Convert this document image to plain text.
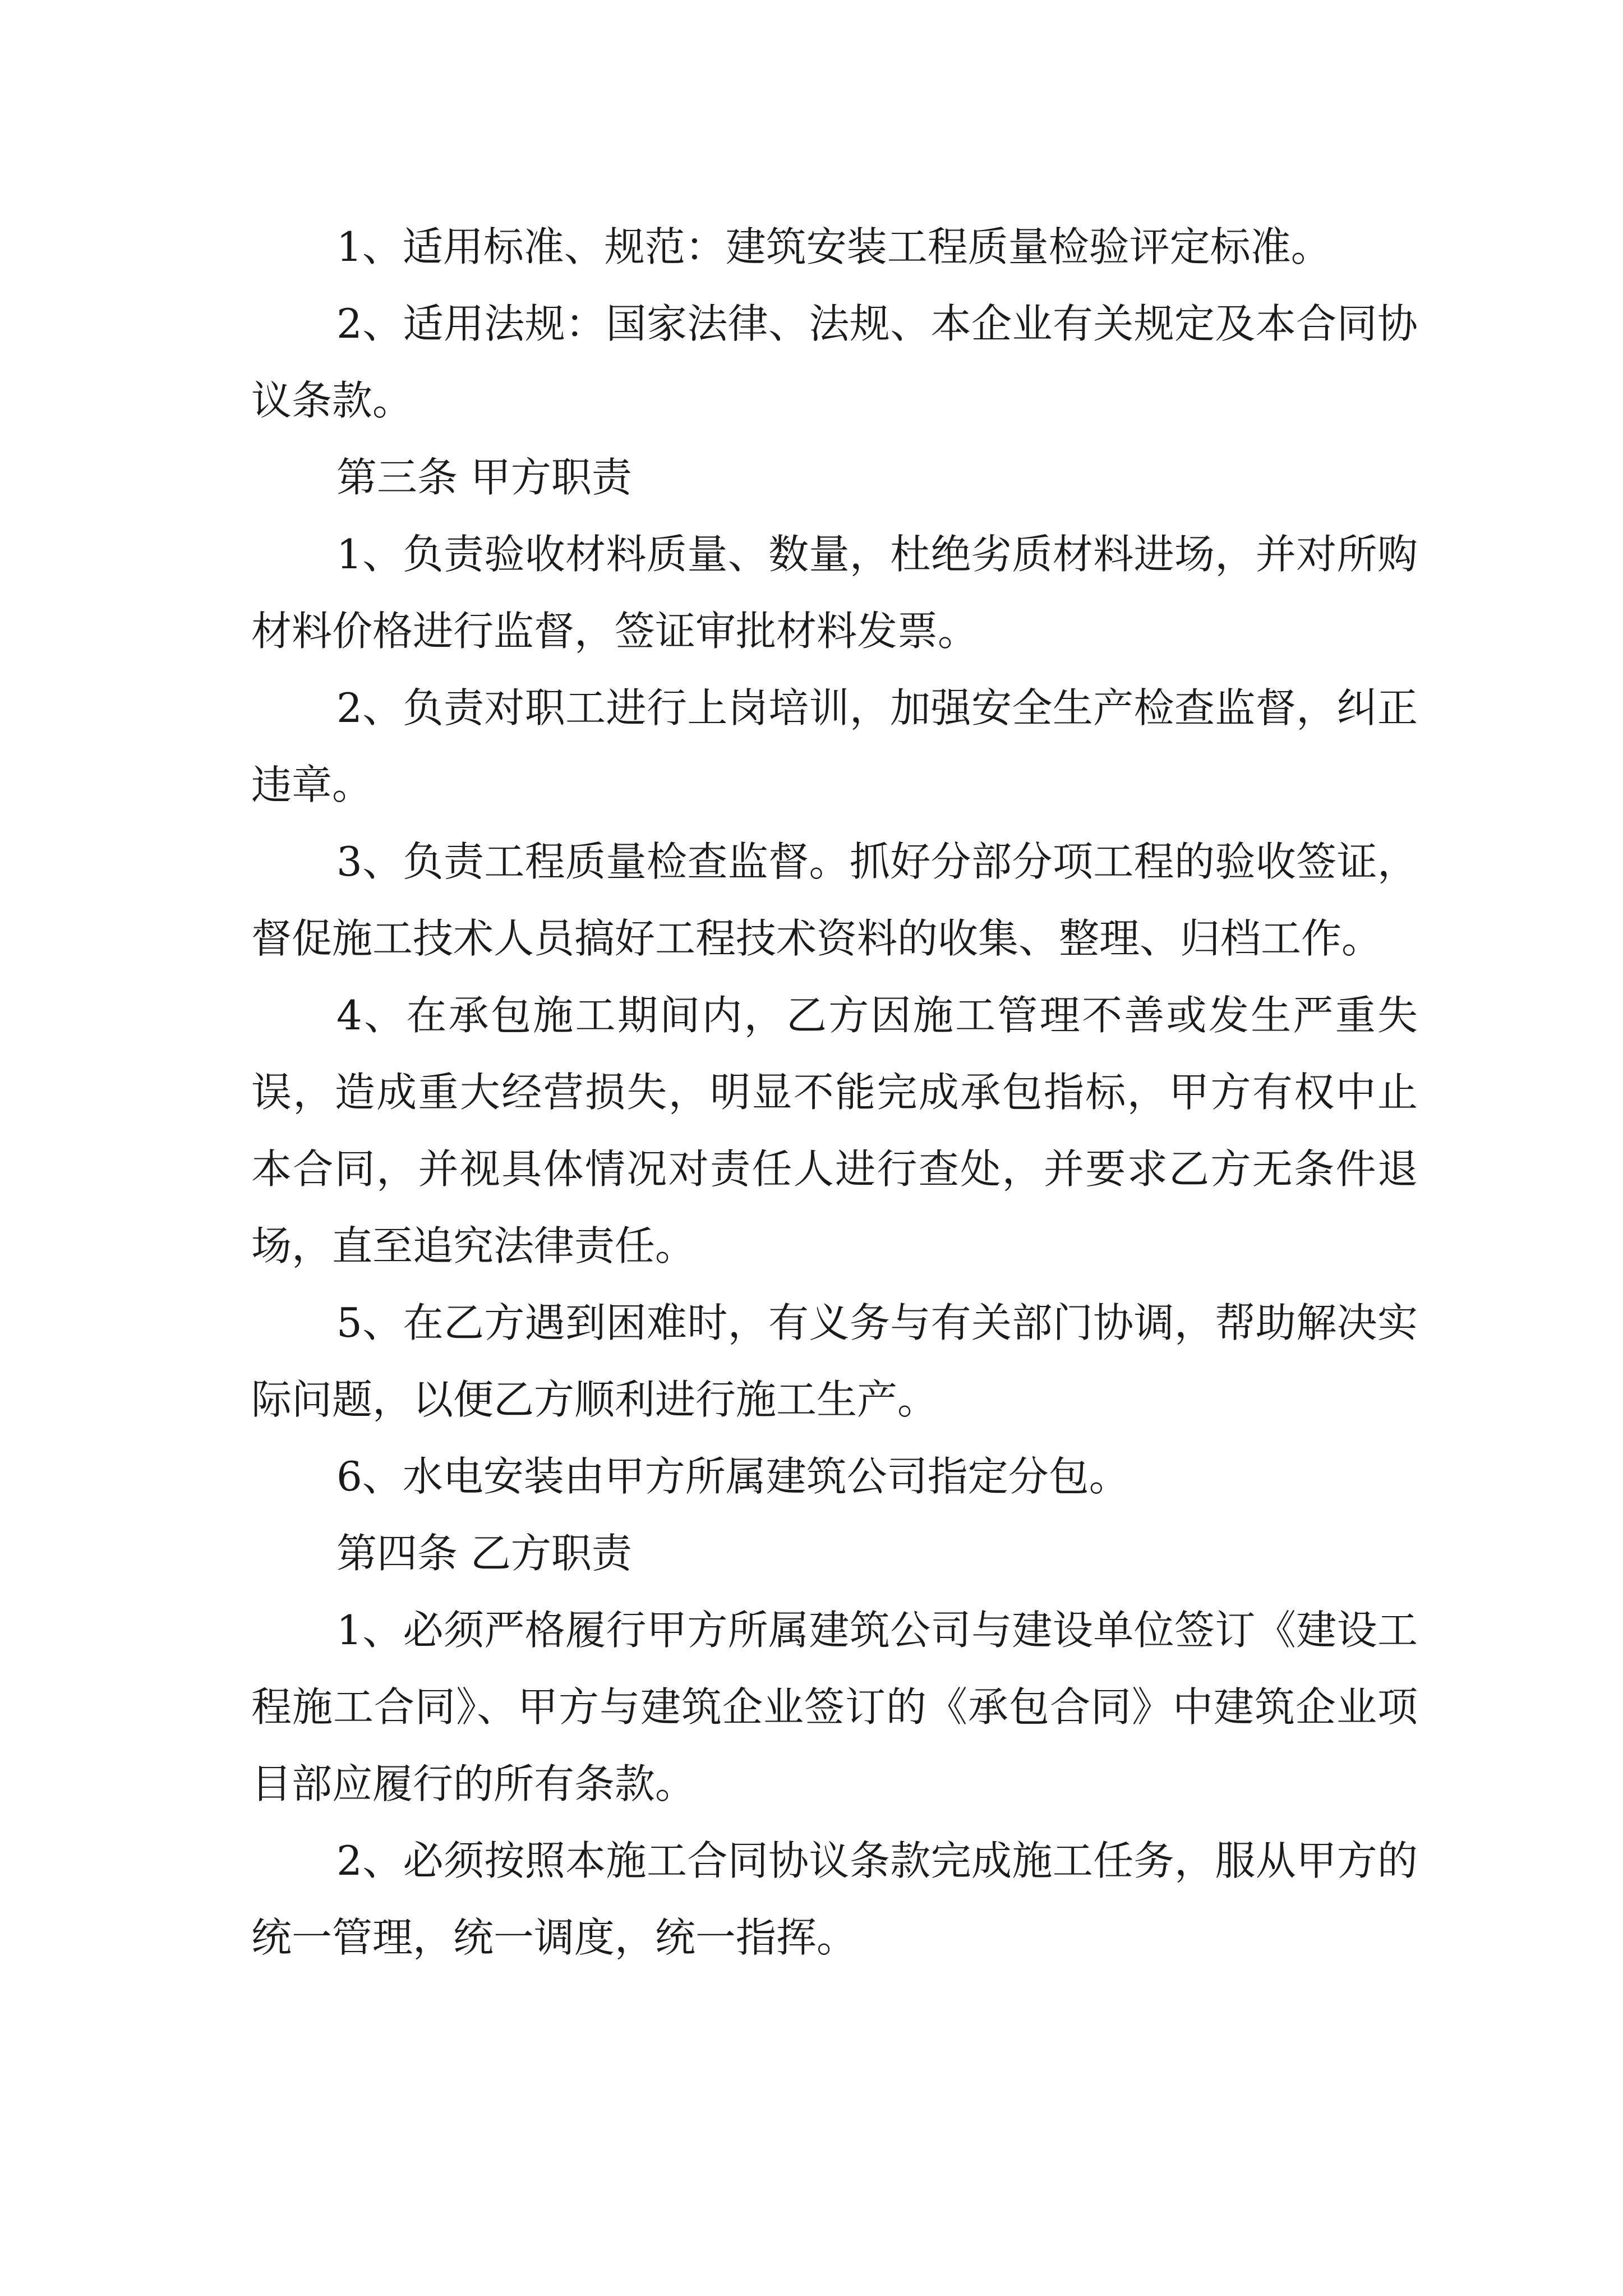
1、适用标准、规范：建筑安装工程质量检验评定标准。

2、适用法规：国家法律、法规、本企业有关规定及本合同协议条款。

第三条 甲方职责

1、负责验收材料质量、数量，杜绝劣质材料进场，并对所购材料价格进行监督，签证审批材料发票。

2、负责对职工进行上岗培训，加强安全生产检查监督，纠正违章。

3、负责工程质量检查监督。抓好分部分项工程的验收签证，督促施工技术人员搞好工程技术资料的收集、整理、归档工作。

4、在承包施工期间内，乙方因施工管理不善或发生严重失误，造成重大经营损失，明显不能完成承包指标，甲方有权中止本合同，并视具体情况对责任人进行查处，并要求乙方无条件退场，直至追究法律责任。

5、在乙方遇到困难时，有义务与有关部门协调，帮助解决实际问题，以便乙方顺利进行施工生产。

6、水电安装由甲方所属建筑公司指定分包。

第四条 乙方职责

1、必须严格履行甲方所属建筑公司与建设单位签订《建设工程施工合同》、甲方与建筑企业签订的《承包合同》中建筑企业项目部应履行的所有条款。

2、必须按照本施工合同协议条款完成施工任务，服从甲方的统一管理，统一调度，统一指挥。
